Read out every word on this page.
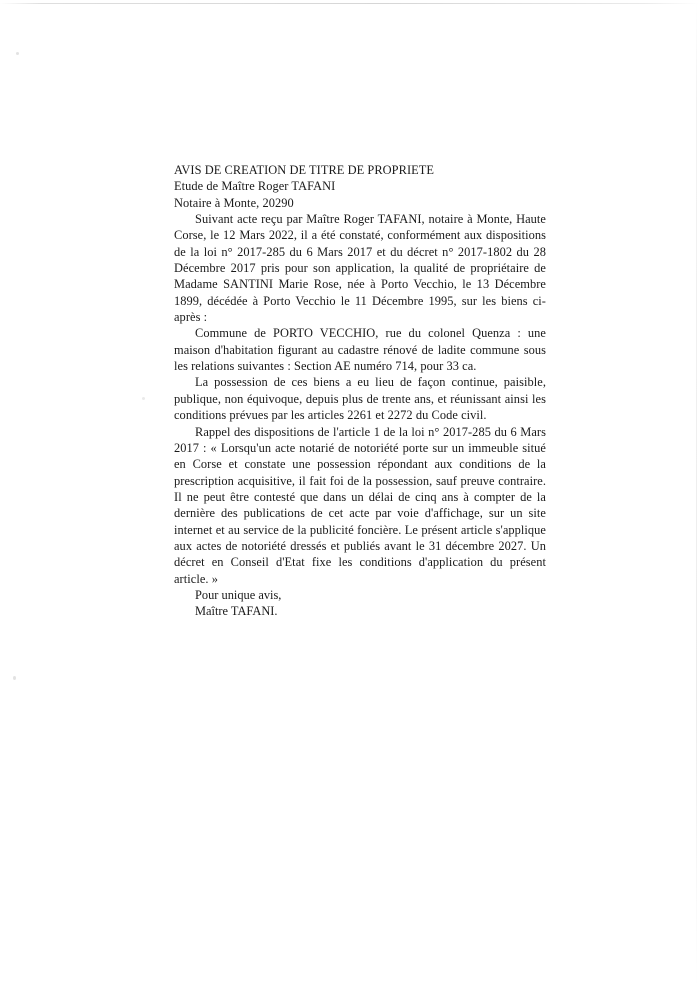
AVIS DE CREATION DE TITRE DE PROPRIETE
Etude de Maître Roger TAFANI
Notaire à Monte, 20290

Suivant acte reçu par Maître Roger TAFANI, notaire à Monte, Haute Corse, le 12 Mars 2022, il a été constaté, conformément aux dispositions de la loi n° 2017-285 du 6 Mars 2017 et du décret n° 2017-1802 du 28 Décembre 2017 pris pour son application, la qualité de propriétaire de Madame SANTINI Marie Rose, née à Porto Vecchio, le 13 Décembre 1899, décédée à Porto Vecchio le 11 Décembre 1995, sur les biens ci-après :

Commune de PORTO VECCHIO, rue du colonel Quenza : une maison d'habitation figurant au cadastre rénové de ladite commune sous les relations suivantes : Section AE numéro 714, pour 33 ca.

La possession de ces biens a eu lieu de façon continue, paisible, publique, non équivoque, depuis plus de trente ans, et réunissant ainsi les conditions prévues par les articles 2261 et 2272 du Code civil.

Rappel des dispositions de l'article 1 de la loi n° 2017-285 du 6 Mars 2017 : « Lorsqu'un acte notarié de notoriété porte sur un immeuble situé en Corse et constate une possession répondant aux conditions de la prescription acquisitive, il fait foi de la possession, sauf preuve contraire. Il ne peut être contesté que dans un délai de cinq ans à compter de la dernière des publications de cet acte par voie d'affichage, sur un site internet et au service de la publicité foncière. Le présent article s'applique aux actes de notoriété dressés et publiés avant le 31 décembre 2027. Un décret en Conseil d'Etat fixe les conditions d'application du présent article. »

Pour unique avis,
Maître TAFANI.
